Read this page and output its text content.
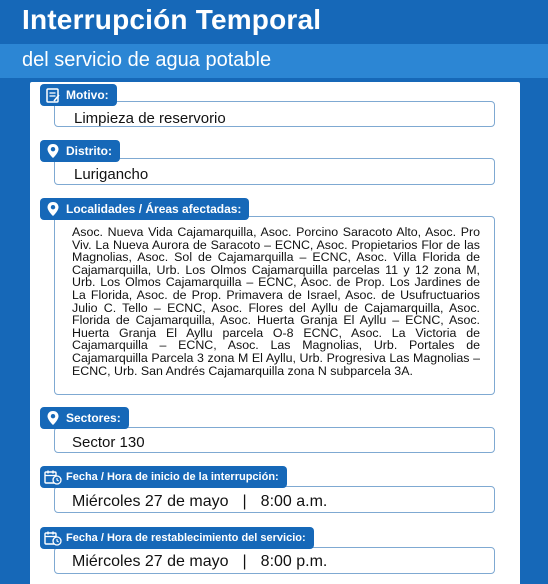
Interrupción Temporal
del servicio de agua potable
Motivo:
Limpieza de reservorio
Distrito:
Lurigancho
Localidades / Áreas afectadas:
Asoc. Nueva Vida Cajamarquilla, Asoc. Porcino Saracoto Alto, Asoc. Pro Viv. La Nueva Aurora de Saracoto – ECNC, Asoc. Propietarios Flor de las Magnolias, Asoc. Sol de Cajamarquilla – ECNC, Asoc. Villa Florida de Cajamarquilla, Urb. Los Olmos Cajamarquilla parcelas 11 y 12 zona M, Urb. Los Olmos Cajamarquilla – ECNC, Asoc. de Prop. Los Jardines de La Florida, Asoc. de Prop. Primavera de Israel, Asoc. de Usufructuarios Julio C. Tello – ECNC, Asoc. Flores del Ayllu de Cajamarquilla, Asoc. Florida de Cajamarquilla, Asoc. Huerta Granja El Ayllu – ECNC, Asoc. Huerta Granja El Ayllu parcela O-8 ECNC, Asoc. La Victoria de Cajamarquilla – ECNC, Asoc. Las Magnolias, Urb. Portales de Cajamarquilla Parcela 3 zona M El Ayllu, Urb. Progresiva Las Magnolias – ECNC, Urb. San Andrés Cajamarquilla zona N subparcela 3A.
Sectores:
Sector 130
Fecha / Hora de inicio de la interrupción:
Miércoles 27 de mayo | 8:00 a.m.
Fecha / Hora de restablecimiento del servicio:
Miércoles 27 de mayo | 8:00 p.m.
